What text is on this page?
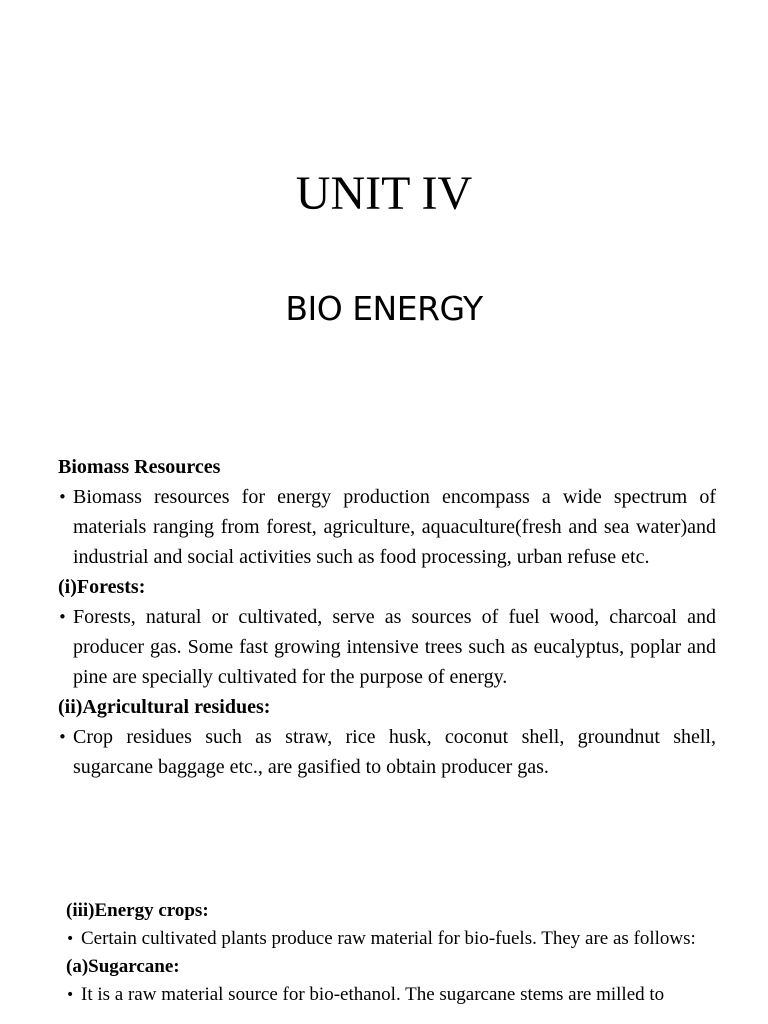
UNIT IV
BIO ENERGY

Biomass Resources

• Biomass resources for energy production encompass a wide spectrum of materials ranging from forest, agriculture, aquaculture(fresh and sea water)and industrial and social activities such as food processing, urban refuse etc.

(i)Forests:

• Forests, natural or cultivated, serve as sources of fuel wood, charcoal and producer gas. Some fast growing intensive trees such as eucalyptus, poplar and pine are specially cultivated for the purpose of energy.

(ii)Agricultural residues:

• Crop residues such as straw, rice husk, coconut shell, groundnut shell, sugarcane baggage etc., are gasified to obtain producer gas.

(iii)Energy crops:

• Certain cultivated plants produce raw material for bio-fuels. They are as follows:

(a)Sugarcane:

• It is a raw material source for bio-ethanol. The sugarcane stems are milled to
